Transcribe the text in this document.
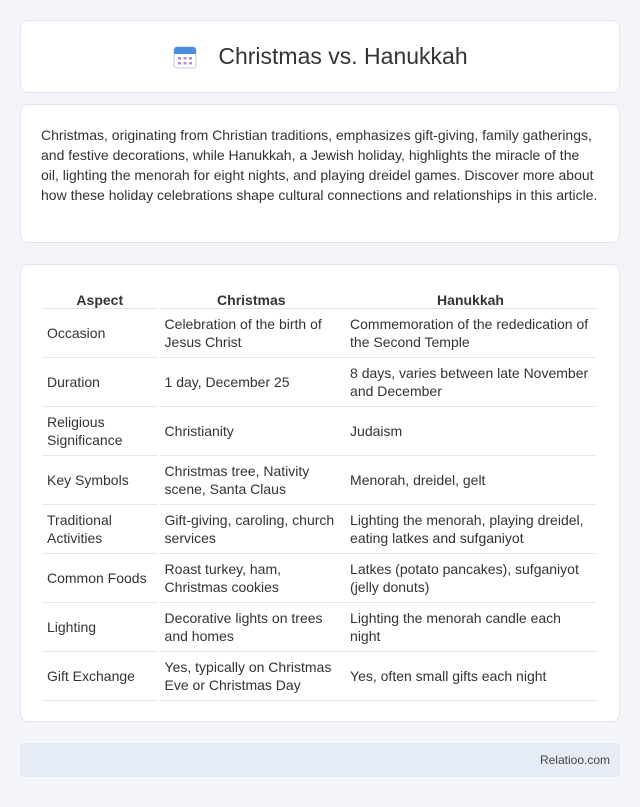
Christmas vs. Hanukkah

Christmas, originating from Christian traditions, emphasizes gift-giving, family gatherings, and festive decorations, while Hanukkah, a Jewish holiday, highlights the miracle of the oil, lighting the menorah for eight nights, and playing dreidel games. Discover more about how these holiday celebrations shape cultural connections and relationships in this article.

Aspect	Christmas	Hanukkah
Occasion	Celebration of the birth of Jesus Christ	Commemoration of the rededication of the Second Temple
Duration	1 day, December 25	8 days, varies between late November and December
Religious Significance	Christianity	Judaism
Key Symbols	Christmas tree, Nativity scene, Santa Claus	Menorah, dreidel, gelt
Traditional Activities	Gift-giving, caroling, church services	Lighting the menorah, playing dreidel, eating latkes and sufganiyot
Common Foods	Roast turkey, ham, Christmas cookies	Latkes (potato pancakes), sufganiyot (jelly donuts)
Lighting	Decorative lights on trees and homes	Lighting the menorah candle each night
Gift Exchange	Yes, typically on Christmas Eve or Christmas Day	Yes, often small gifts each night
Relatioo.com
